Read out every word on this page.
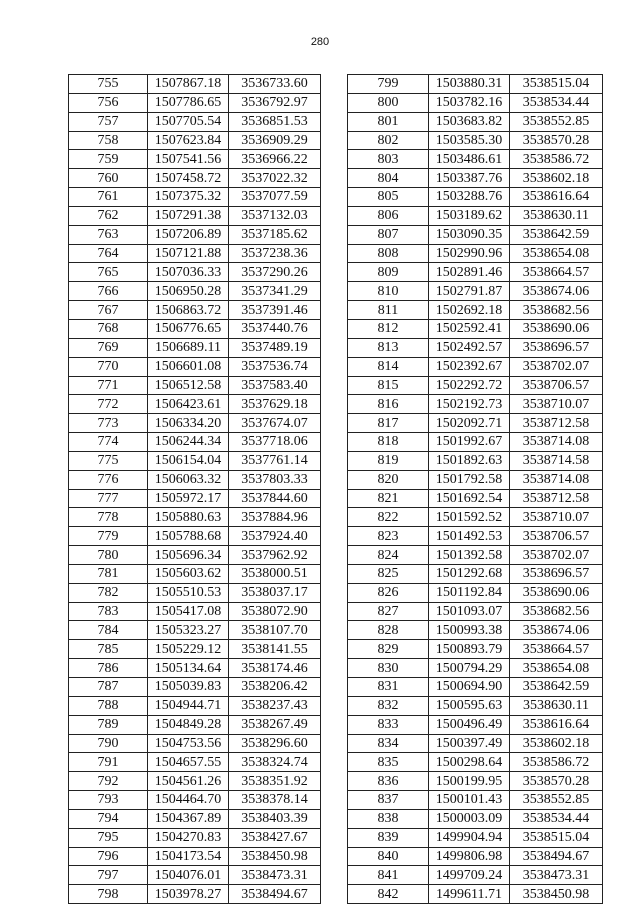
280
755	1507867.18	3536733.60
756	1507786.65	3536792.97
757	1507705.54	3536851.53
758	1507623.84	3536909.29
759	1507541.56	3536966.22
760	1507458.72	3537022.32
761	1507375.32	3537077.59
762	1507291.38	3537132.03
763	1507206.89	3537185.62
764	1507121.88	3537238.36
765	1507036.33	3537290.26
766	1506950.28	3537341.29
767	1506863.72	3537391.46
768	1506776.65	3537440.76
769	1506689.11	3537489.19
770	1506601.08	3537536.74
771	1506512.58	3537583.40
772	1506423.61	3537629.18
773	1506334.20	3537674.07
774	1506244.34	3537718.06
775	1506154.04	3537761.14
776	1506063.32	3537803.33
777	1505972.17	3537844.60
778	1505880.63	3537884.96
779	1505788.68	3537924.40
780	1505696.34	3537962.92
781	1505603.62	3538000.51
782	1505510.53	3538037.17
783	1505417.08	3538072.90
784	1505323.27	3538107.70
785	1505229.12	3538141.55
786	1505134.64	3538174.46
787	1505039.83	3538206.42
788	1504944.71	3538237.43
789	1504849.28	3538267.49
790	1504753.56	3538296.60
791	1504657.55	3538324.74
792	1504561.26	3538351.92
793	1504464.70	3538378.14
794	1504367.89	3538403.39
795	1504270.83	3538427.67
796	1504173.54	3538450.98
797	1504076.01	3538473.31
798	1503978.27	3538494.67
799	1503880.31	3538515.04
800	1503782.16	3538534.44
801	1503683.82	3538552.85
802	1503585.30	3538570.28
803	1503486.61	3538586.72
804	1503387.76	3538602.18
805	1503288.76	3538616.64
806	1503189.62	3538630.11
807	1503090.35	3538642.59
808	1502990.96	3538654.08
809	1502891.46	3538664.57
810	1502791.87	3538674.06
811	1502692.18	3538682.56
812	1502592.41	3538690.06
813	1502492.57	3538696.57
814	1502392.67	3538702.07
815	1502292.72	3538706.57
816	1502192.73	3538710.07
817	1502092.71	3538712.58
818	1501992.67	3538714.08
819	1501892.63	3538714.58
820	1501792.58	3538714.08
821	1501692.54	3538712.58
822	1501592.52	3538710.07
823	1501492.53	3538706.57
824	1501392.58	3538702.07
825	1501292.68	3538696.57
826	1501192.84	3538690.06
827	1501093.07	3538682.56
828	1500993.38	3538674.06
829	1500893.79	3538664.57
830	1500794.29	3538654.08
831	1500694.90	3538642.59
832	1500595.63	3538630.11
833	1500496.49	3538616.64
834	1500397.49	3538602.18
835	1500298.64	3538586.72
836	1500199.95	3538570.28
837	1500101.43	3538552.85
838	1500003.09	3538534.44
839	1499904.94	3538515.04
840	1499806.98	3538494.67
841	1499709.24	3538473.31
842	1499611.71	3538450.98
